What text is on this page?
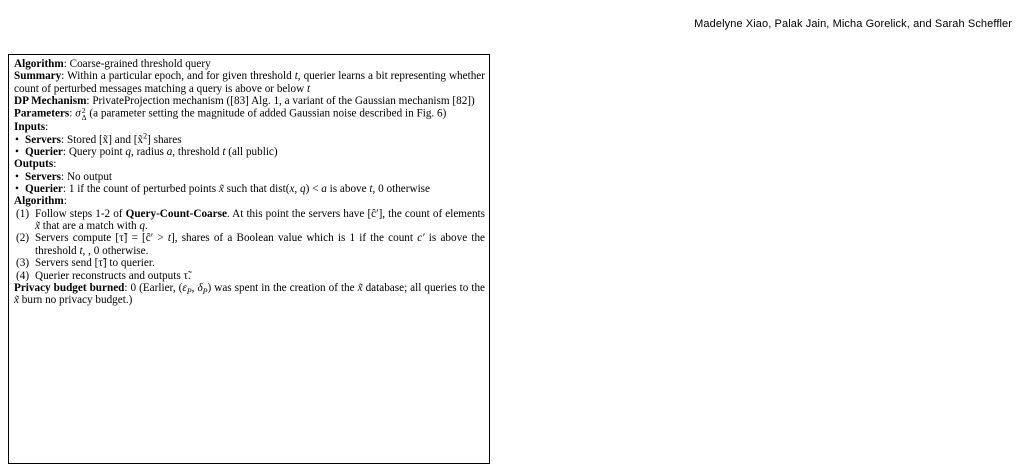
Madelyne Xiao, Palak Jain, Micha Gorelick, and Sarah Scheffler

Algorithm: Coarse-grained threshold query

Summary: Within a particular epoch, and for given threshold t, querier learns a bit representing whether count of perturbed messages matching a query is above or below t

DP Mechanism: PrivateProjection mechanism ([83] Alg. 1, a variant of the Gaussian mechanism [82])

Parameters: σ 2
Δ (a parameter setting the magnitude of added Gaussian noise described in Fig. 6)

Inputs:

• Servers: Stored [x̃] and [x̃$^2$] shares
• Querier: Query point q, radius a, threshold t (all public)

Outputs:

• Servers: No output
• Querier: 1 if the count of perturbed points x̃ such that dist(x, q) < a is above t, 0 otherwise

Algorithm:

(1) Follow steps 1-2 of Query-Count-Coarse. At this point the servers have [ĉ′], the count of elements x̃ that are a match with q.
(2) Servers compute [τ̃] = [ĉ′ > t], shares of a Boolean value which is 1 if the count c′ is above the threshold t, , 0 otherwise.
(3) Servers send [τ̃] to querier.
(4) Querier reconstructs and outputs τ̃.

Privacy budget burned: 0 (Earlier, ($\varepsilon_P$, $\delta_P$) was spent in the creation of the x̃ database; all queries to the x̃ burn no privacy budget.)
